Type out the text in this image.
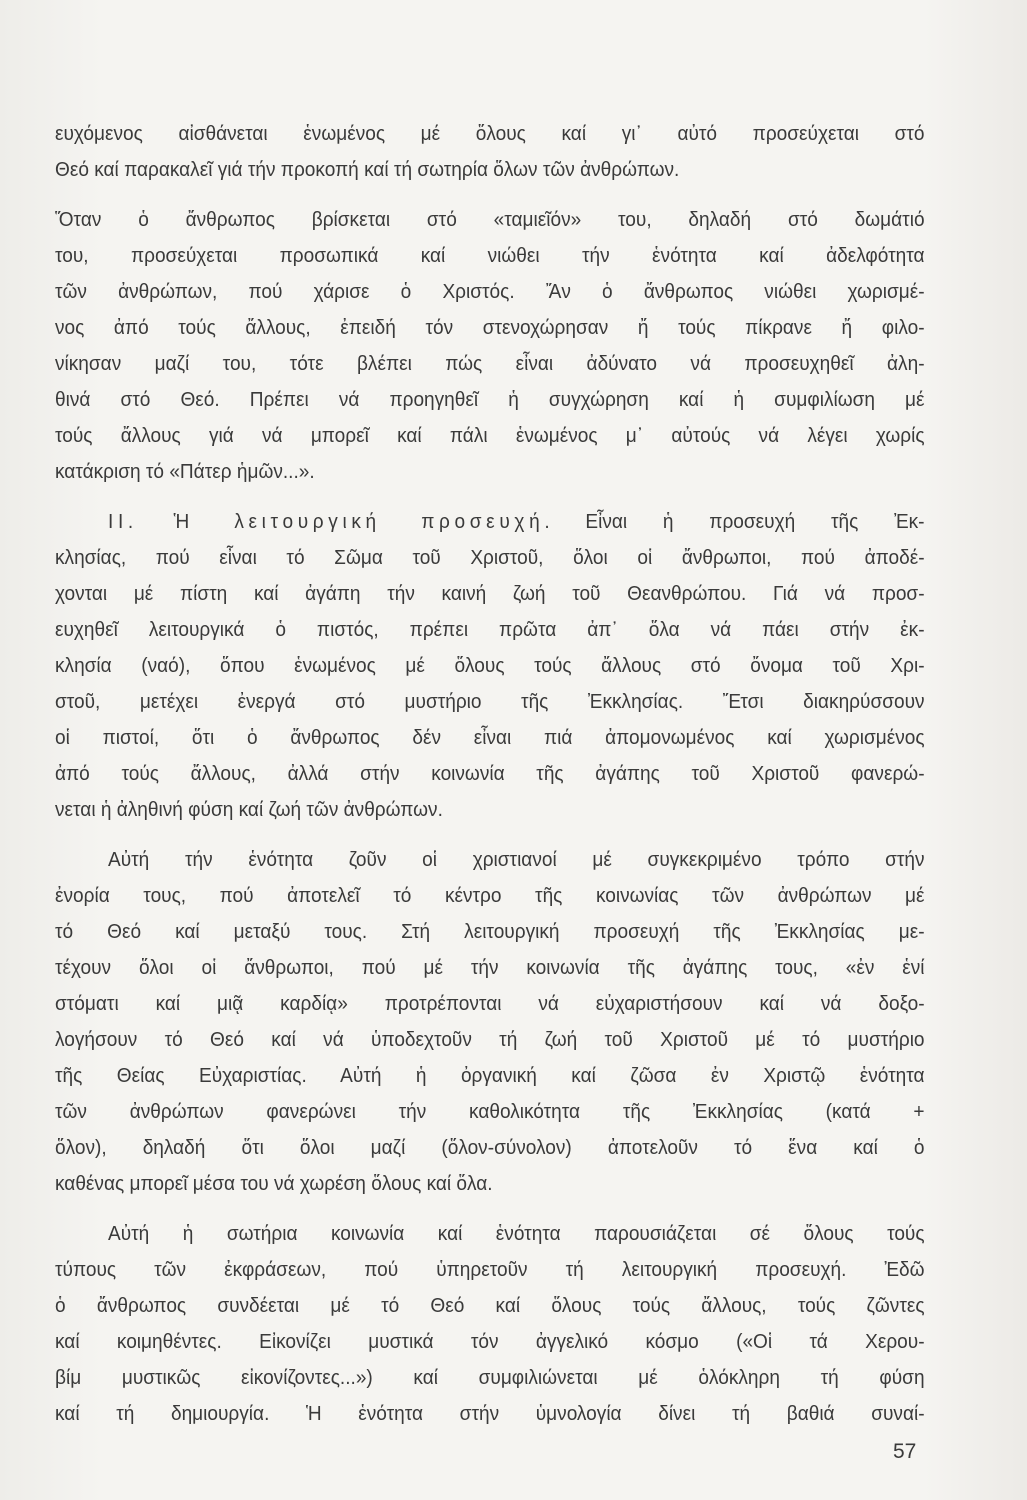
ευχόμενος αἰσθάνεται ἑνωμένος μέ ὅλους καί γι᾿ αὐτό προσεύχεται στό
Θεό καί παρακαλεῖ γιά τήν προκοπή καί τή σωτηρία ὅλων τῶν ἀνθρώπων.
Ὅταν ὁ ἄνθρωπος βρίσκεται στό «ταμιεῖόν» του, δηλαδή στό δωμάτιό
του, προσεύχεται προσωπικά καί νιώθει τήν ἑνότητα καί ἀδελφότητα
τῶν ἀνθρώπων, πού χάρισε ὁ Χριστός. Ἄν ὁ ἄνθρωπος νιώθει χωρισμέ-
νος ἀπό τούς ἄλλους, ἐπειδή τόν στενοχώρησαν ἤ τούς πίκρανε ἤ φιλο-
νίκησαν μαζί του, τότε βλέπει πώς εἶναι ἀδύνατο νά προσευχηθεῖ ἀλη-
θινά στό Θεό. Πρέπει νά προηγηθεῖ ἡ συγχώρηση καί ἡ συμφιλίωση μέ
τούς ἄλλους γιά νά μπορεῖ καί πάλι ἑνωμένος μ᾿ αὐτούς νά λέγει χωρίς
κατάκριση τό «Πάτερ ἡμῶν...».
ΙΙ. Ἡ λειτουργική προσευχή. Εἶναι ἡ προσευχή τῆς Ἐκ-
κλησίας, πού εἶναι τό Σῶμα τοῦ Χριστοῦ, ὅλοι οἱ ἄνθρωποι, πού ἀποδέ-
χονται μέ πίστη καί ἀγάπη τήν καινή ζωή τοῦ Θεανθρώπου. Γιά νά προσ-
ευχηθεῖ λειτουργικά ὁ πιστός, πρέπει πρῶτα ἀπ᾿ ὅλα νά πάει στήν ἐκ-
κλησία (ναό), ὅπου ἑνωμένος μέ ὅλους τούς ἄλλους στό ὄνομα τοῦ Χρι-
στοῦ, μετέχει ἐνεργά στό μυστήριο τῆς Ἐκκλησίας. Ἔτσι διακηρύσσουν
οἱ πιστοί, ὅτι ὁ ἄνθρωπος δέν εἶναι πιά ἀπομονωμένος καί χωρισμένος
ἀπό τούς ἄλλους, ἀλλά στήν κοινωνία τῆς ἀγάπης τοῦ Χριστοῦ φανερώ-
νεται ἡ ἀληθινή φύση καί ζωή τῶν ἀνθρώπων.
Αὐτή τήν ἑνότητα ζοῦν οἱ χριστιανοί μέ συγκεκριμένο τρόπο στήν
ἐνορία τους, πού ἀποτελεῖ τό κέντρο τῆς κοινωνίας τῶν ἀνθρώπων μέ
τό Θεό καί μεταξύ τους. Στή λειτουργική προσευχή τῆς Ἐκκλησίας με-
τέχουν ὅλοι οἱ ἄνθρωποι, πού μέ τήν κοινωνία τῆς ἀγάπης τους, «ἐν ἑνί
στόματι καί μιᾷ καρδίᾳ» προτρέπονται νά εὐχαριστήσουν καί νά δοξο-
λογήσουν τό Θεό καί νά ὑποδεχτοῦν τή ζωή τοῦ Χριστοῦ μέ τό μυστήριο
τῆς Θείας Εὐχαριστίας. Αὐτή ἡ ὀργανική καί ζῶσα ἐν Χριστῷ ἑνότητα
τῶν ἀνθρώπων φανερώνει τήν καθολικότητα τῆς Ἐκκλησίας (κατά +
ὅλον), δηλαδή ὅτι ὅλοι μαζί (ὅλον-σύνολον) ἀποτελοῦν τό ἕνα καί ὁ
καθένας μπορεῖ μέσα του νά χωρέση ὅλους καί ὅλα.
Αὐτή ἡ σωτήρια κοινωνία καί ἑνότητα παρουσιάζεται σέ ὅλους τούς
τύπους τῶν ἐκφράσεων, πού ὑπηρετοῦν τή λειτουργική προσευχή. Ἐδῶ
ὁ ἄνθρωπος συνδέεται μέ τό Θεό καί ὅλους τούς ἄλλους, τούς ζῶντες
καί κοιμηθέντες. Εἰκονίζει μυστικά τόν ἀγγελικό κόσμο («Οἱ τά Χερου-
βίμ μυστικῶς εἰκονίζοντες...») καί συμφιλιώνεται μέ ὁλόκληρη τή φύση
καί τή δημιουργία. Ἡ ἑνότητα στήν ὑμνολογία δίνει τή βαθιά συναί-
57
